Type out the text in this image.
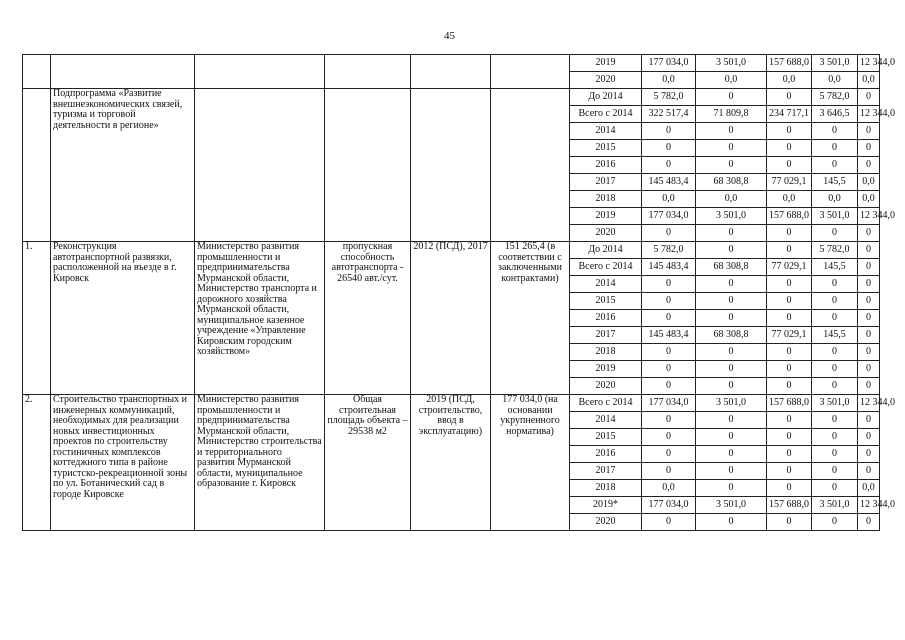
45
						2019	177 034,0	3 501,0	157 688,0	3 501,0	12 344,0
						2020	0,0	0,0	0,0	0,0	0,0
	Подпрограмма «Развитие внешнеэкономических связей, туризма и торговой деятельности в регионе»					До 2014	5 782,0	0	0	5 782,0	0
						Всего с 2014	322 517,4	71 809,8	234 717,1	3 646,5	12 344,0
						2014	0	0	0	0	0
						2015	0	0	0	0	0
						2016	0	0	0	0	0
						2017	145 483,4	68 308,8	77 029,1	145,5	0,0
						2018	0,0	0,0	0,0	0,0	0,0
						2019	177 034,0	3 501,0	157 688,0	3 501,0	12 344,0
						2020	0	0	0	0	0
1.	Реконструкция автотранспортной развязки, расположенной на въезде в г. Кировск	Министерство развития промышленности и предпринимательства Мурманской области, Министерство транспорта и дорожного хозяйства Мурманской области, муниципальное казенное учреждение «Управление Кировским городским хозяйством»	пропускная способность автотранспорта - 26540 авт./сут.	2012 (ПСД), 2017	151 265,4 (в соответствии с заключенными контрактами)	До 2014	5 782,0	0	0	5 782,0	0
						Всего с 2014	145 483,4	68 308,8	77 029,1	145,5	0
						2014	0	0	0	0	0
						2015	0	0	0	0	0
						2016	0	0	0	0	0
						2017	145 483,4	68 308,8	77 029,1	145,5	0
						2018	0	0	0	0	0
						2019	0	0	0	0	0
						2020	0	0	0	0	0
2.	Строительство транспортных и инженерных коммуникаций, необходимых для реализации новых инвестиционных проектов по строительству гостиничных комплексов коттеджного типа в районе туристско-рекреационной зоны по ул. Ботанический сад в городе Кировске	Министерство развития промышленности и предпринимательства Мурманской области, Министерство строительства и территориального развития Мурманской области, муниципальное образование г. Кировск	Общая строительная площадь объекта – 29538 м2	2019 (ПСД, строительство, ввод в эксплуатацию)	177 034,0 (на основании укрупненного норматива)	Всего с 2014	177 034,0	3 501,0	157 688,0	3 501,0	12 344,0
						2014	0	0	0	0	0
						2015	0	0	0	0	0
						2016	0	0	0	0	0
						2017	0	0	0	0	0
						2018	0,0	0	0	0	0,0
						2019*	177 034,0	3 501,0	157 688,0	3 501,0	12 344,0
						2020	0	0	0	0	0
